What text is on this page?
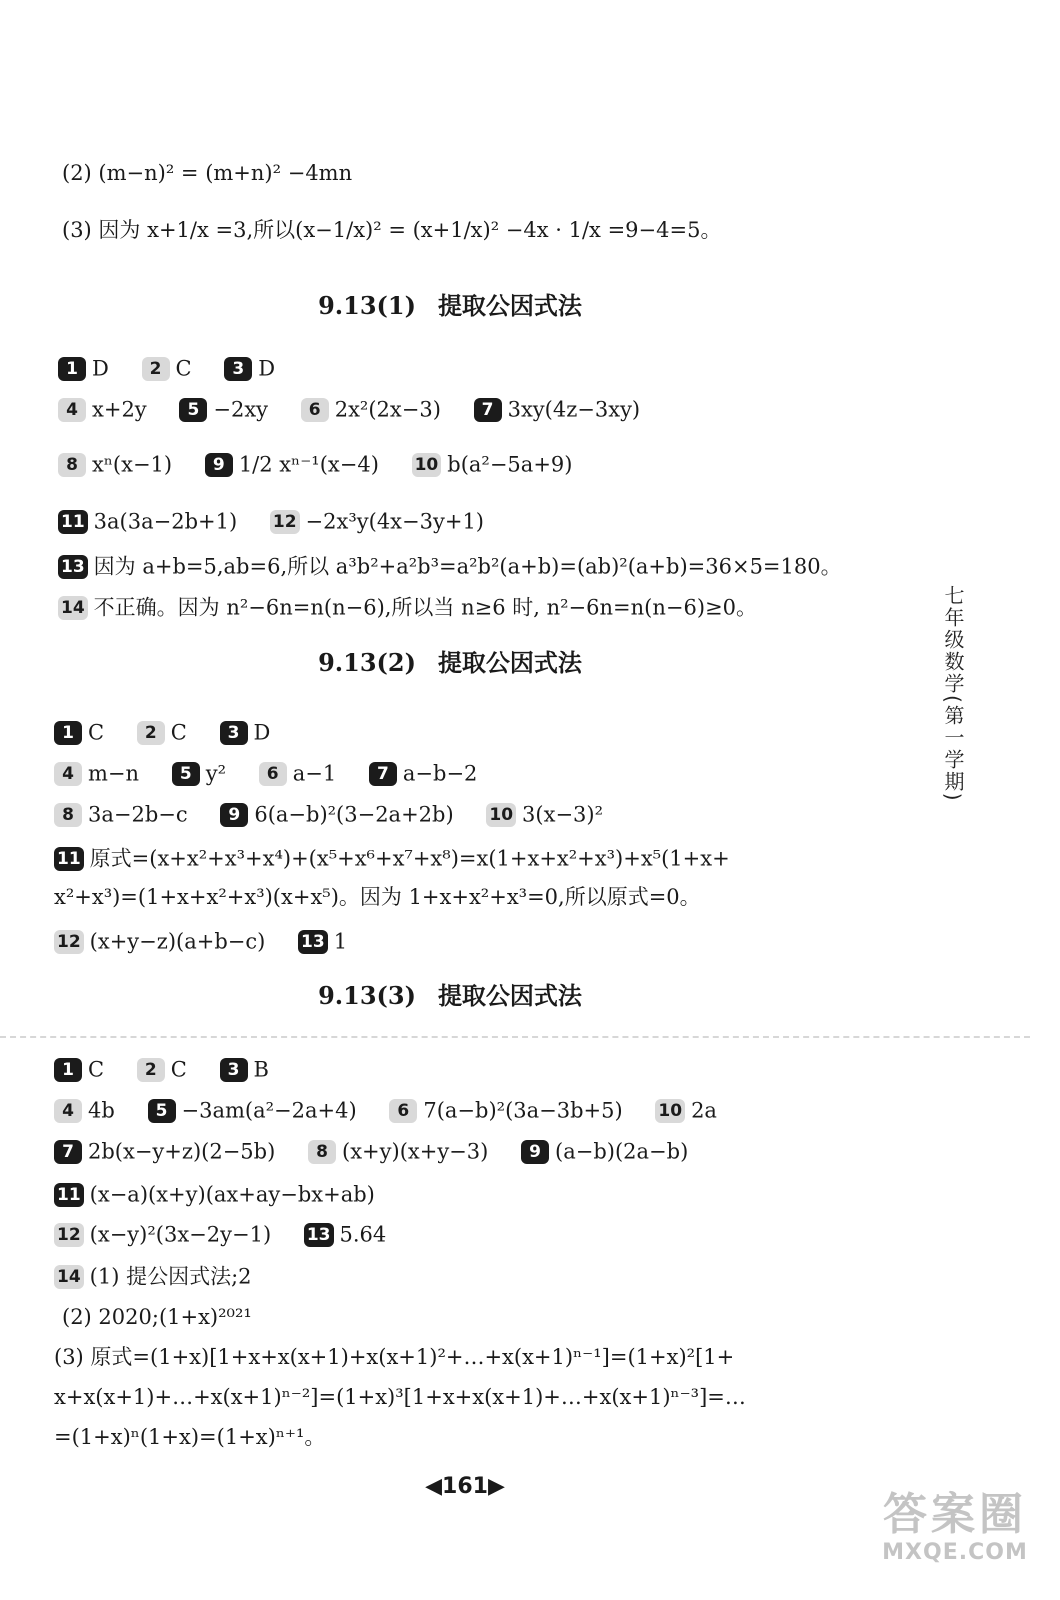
(2) (m−n)² = (m+n)² −4mn
(3) 因为 x+1/x =3,所以(x−1/x)² = (x+1/x)² −4x · 1/x =9−4=5。
9.13(1) 提取公因式法
1 D 2 C 3 D
4 x+2y 5 −2xy 6 2x²(2x−3) 7 3xy(4z−3xy)
8 xⁿ(x−1) 9 1/2 xⁿ⁻¹(x−4) 10 b(a²−5a+9)
11 3a(3a−2b+1) 12 −2x³y(4x−3y+1)
13 因为 a+b=5,ab=6,所以 a³b²+a²b³=a²b²(a+b)=(ab)²(a+b)=36×5=180。
14 不正确。因为 n²−6n=n(n−6),所以当 n≥6 时, n²−6n=n(n−6)≥0。	七年级数学(第一学期)
9.13(2) 提取公因式法
1 C 2 C 3 D
4 m−n 5 y² 6 a−1 7 a−b−2
8 3a−2b−c 9 6(a−b)²(3−2a+2b) 10 3(x−3)²
11 原式=(x+x²+x³+x⁴)+(x⁵+x⁶+x⁷+x⁸)=x(1+x+x²+x³)+x⁵(1+x+
x²+x³)=(1+x+x²+x³)(x+x⁵)。因为 1+x+x²+x³=0,所以原式=0。
12 (x+y−z)(a+b−c) 13 1
9.13(3) 提取公因式法
1 C 2 C 3 B
4 4b 5 −3am(a²−2a+4) 6 7(a−b)²(3a−3b+5) 10 2a
7 2b(x−y+z)(2−5b) 8 (x+y)(x+y−3) 9 (a−b)(2a−b)
11 (x−a)(x+y)(ax+ay−bx+ab)
12 (x−y)²(3x−2y−1) 13 5.64
14 (1) 提公因式法;2
(2) 2020;(1+x)²⁰²¹
(3) 原式=(1+x)[1+x+x(x+1)+x(x+1)²+…+x(x+1)ⁿ⁻¹]=(1+x)²[1+
x+x(x+1)+…+x(x+1)ⁿ⁻²]=(1+x)³[1+x+x(x+1)+…+x(x+1)ⁿ⁻³]=…
=(1+x)ⁿ(1+x)=(1+x)ⁿ⁺¹。
◀161▶
答案圈
MXQE.COM
